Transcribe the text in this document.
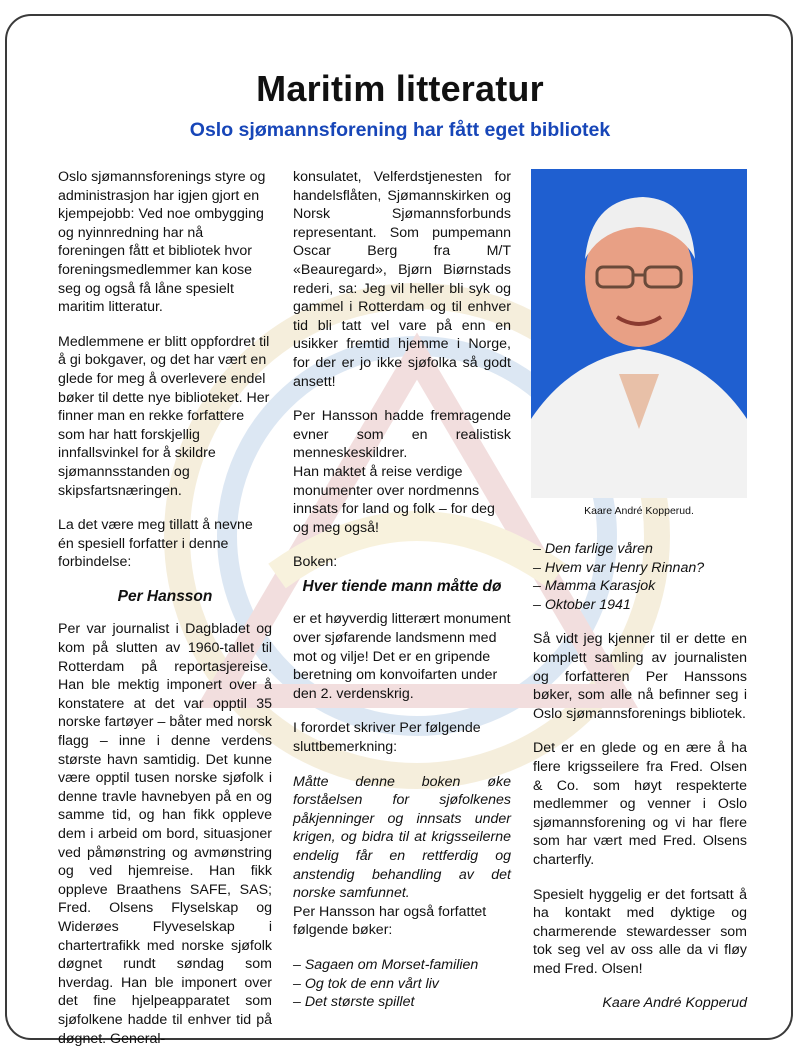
Maritim litteratur
Oslo sjømannsforening har fått eget bibliotek

Oslo sjømannsforenings styre og administrasjon har igjen gjort en kjempejobb: Ved noe ombygging og nyinnredning har nå foreningen fått et bibliotek hvor foreningsmedlemmer kan kose seg og også få låne spesielt maritim litteratur.

Medlemmene er blitt oppfordret til å gi bokgaver, og det har vært en glede for meg å overlevere endel bøker til dette nye biblioteket. Her finner man en rekke forfattere som har hatt forskjellig innfallsvinkel for å skildre sjømannsstanden og skipsfartsnæringen.

La det være meg tillatt å nevne én spesiell forfatter i denne forbindelse:

Per Hansson

Per var journalist i Dagbladet og kom på slutten av 1960-tallet til Rotterdam på reportasjereise. Han ble mektig imponert over å konstatere at det var opptil 35 norske fartøyer – båter med norsk flagg – inne i denne verdens største havn samtidig. Det kunne være opptil tusen norske sjøfolk i denne travle havnebyen på en og samme tid, og han fikk oppleve dem i arbeid om bord, situasjoner ved påmønstring og avmønstring og ved hjemreise. Han fikk oppleve Braathens SAFE, SAS; Fred. Olsens Flyselskap og Widerøes Flyveselskap i chartertrafikk med norske sjøfolk døgnet rundt søndag som hverdag. Han ble imponert over det fine hjelpeapparatet som sjøfolkene hadde til enhver tid på døgnet. General-

konsulatet, Velferdstjenesten for handelsflåten, Sjømannskirken og Norsk Sjømannsforbunds representant. Som pumpemann Oscar Berg fra M/T «Beauregard», Bjørn Biørnstads rederi, sa: Jeg vil heller bli syk og gammel i Rotterdam og til enhver tid bli tatt vel vare på enn en usikker fremtid hjemme i Norge, for der er jo ikke sjøfolka så godt ansett!

Per Hansson hadde fremragende evner som en realistisk menneskeskildrer.

Han maktet å reise verdige monumenter over nordmenns innsats for land og folk – for deg og meg også!

Boken:

Hver tiende mann måtte dø

er et høyverdig litterært monument over sjøfarende landsmenn med mot og vilje! Det er en gripende beretning om konvoifarten under den 2. verdenskrig.

I forordet skriver Per følgende sluttbemerkning:

Måtte denne boken øke forståelsen for sjøfolkenes påkjenninger og innsats under krigen, og bidra til at krigsseilerne endelig får en rettferdig og anstendig behandling av det norske samfunnet.

Per Hansson har også forfattet følgende bøker:

– Sagaen om Morset-familien
– Og tok de enn vårt liv
– Det største spillet
Kaare André Kopperud.
– Den farlige våren
– Hvem var Henry Rinnan?
– Mamma Karasjok
– Oktober 1941

Så vidt jeg kjenner til er dette en komplett samling av journalisten og forfatteren Per Hanssons bøker, som alle nå befinner seg i Oslo sjømannsforenings bibliotek.

Det er en glede og en ære å ha flere krigsseilere fra Fred. Olsen & Co. som høyt respekterte medlemmer og venner i Oslo sjømannsforening og vi har flere som har vært med Fred. Olsens charterfly.

Spesielt hyggelig er det fortsatt å ha kontakt med dyktige og charmerende stewardesser som tok seg vel av oss alle da vi fløy med Fred. Olsen!

Kaare André Kopperud
